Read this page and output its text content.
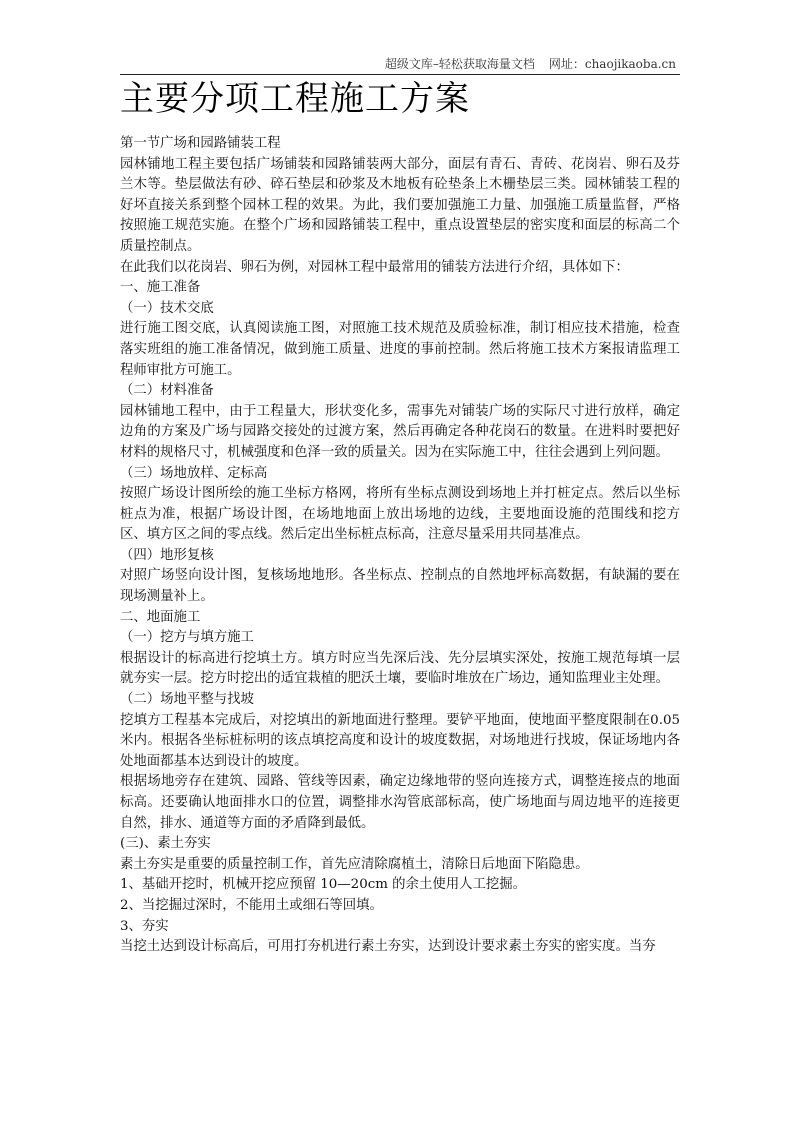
超级文库–轻松获取海量文档 网址：chaojikaoba.cn
主要分项工程施工方案

第一节广场和园路铺装工程

园林铺地工程主要包括广场铺装和园路铺装两大部分，面层有青石、青砖、花岗岩、卵石及芬兰木等。垫层做法有砂、碎石垫层和砂浆及木地板有砼垫条上木栅垫层三类。园林铺装工程的好坏直接关系到整个园林工程的效果。为此，我们要加强施工力量、加强施工质量监督，严格按照施工规范实施。在整个广场和园路铺装工程中，重点设置垫层的密实度和面层的标高二个质量控制点。

在此我们以花岗岩、卵石为例，对园林工程中最常用的铺装方法进行介绍，具体如下：

一、施工准备

（一）技术交底

进行施工图交底，认真阅读施工图，对照施工技术规范及质验标准，制订相应技术措施，检查落实班组的施工准备情况，做到施工质量、进度的事前控制。然后将施工技术方案报请监理工程师审批方可施工。

（二）材料准备

园林铺地工程中，由于工程量大，形状变化多，需事先对铺装广场的实际尺寸进行放样，确定边角的方案及广场与园路交接处的过渡方案，然后再确定各种花岗石的数量。在进料时要把好材料的规格尺寸，机械强度和色泽一致的质量关。因为在实际施工中，往往会遇到上列问题。

（三）场地放样、定标高

按照广场设计图所绘的施工坐标方格网，将所有坐标点测设到场地上并打桩定点。然后以坐标桩点为准，根据广场设计图，在场地地面上放出场地的边线，主要地面设施的范围线和挖方区、填方区之间的零点线。然后定出坐标桩点标高，注意尽量采用共同基准点。

（四）地形复核

对照广场竖向设计图，复核场地地形。各坐标点、控制点的自然地坪标高数据，有缺漏的要在现场测量补上。

二、地面施工

（一）挖方与填方施工

根据设计的标高进行挖填土方。填方时应当先深后浅、先分层填实深处，按施工规范每填一层就夯实一层。挖方时挖出的适宜栽植的肥沃土壤，要临时堆放在广场边，通知监理业主处理。

（二）场地平整与找坡

挖填方工程基本完成后，对挖填出的新地面进行整理。要铲平地面，使地面平整度限制在0.05 米内。根据各坐标桩标明的该点填挖高度和设计的坡度数据，对场地进行找坡，保证场地内各处地面都基本达到设计的坡度。

根据场地旁存在建筑、园路、管线等因素，确定边缘地带的竖向连接方式，调整连接点的地面标高。还要确认地面排水口的位置，调整排水沟管底部标高，使广场地面与周边地平的连接更自然，排水、通道等方面的矛盾降到最低。

(三)、素土夯实

素土夯实是重要的质量控制工作，首先应清除腐植土，清除日后地面下陷隐患。

1、基础开挖时，机械开挖应预留 10—20cm 的余土使用人工挖掘。

2、当挖掘过深时，不能用土或细石等回填。

3、夯实

当挖土达到设计标高后，可用打夯机进行素土夯实，达到设计要求素土夯实的密实度。当夯
